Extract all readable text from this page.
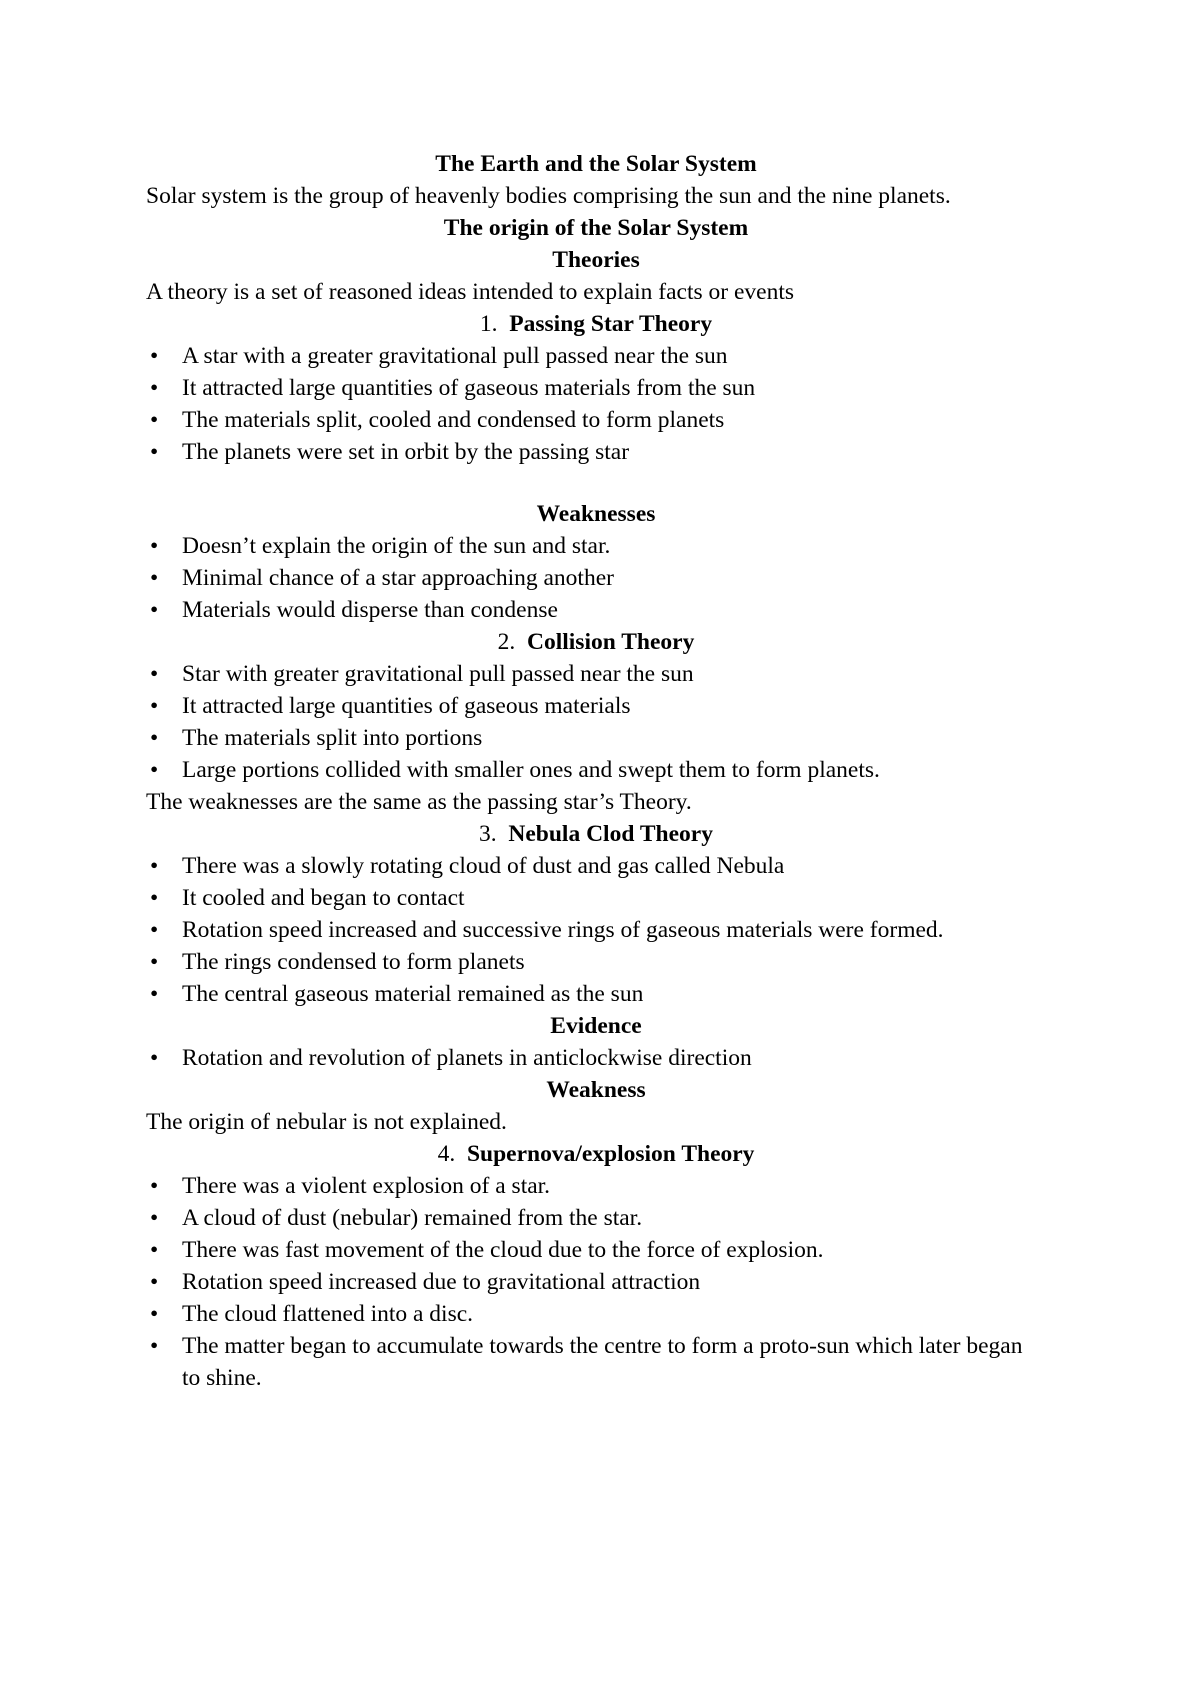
The Earth and the Solar System

Solar system is the group of heavenly bodies comprising the sun and the nine planets.

The origin of the Solar System
Theories

A theory is a set of reasoned ideas intended to explain facts or events

1. Passing Star Theory
• A star with a greater gravitational pull passed near the sun
• It attracted large quantities of gaseous materials from the sun
• The materials split, cooled and condensed to form planets
• The planets were set in orbit by the passing star
Weaknesses
• Doesn’t explain the origin of the sun and star.
• Minimal chance of a star approaching another
• Materials would disperse than condense
2. Collision Theory
• Star with greater gravitational pull passed near the sun
• It attracted large quantities of gaseous materials
• The materials split into portions
• Large portions collided with smaller ones and swept them to form planets.

The weaknesses are the same as the passing star’s Theory.

3. Nebula Clod Theory
• There was a slowly rotating cloud of dust and gas called Nebula
• It cooled and began to contact
• Rotation speed increased and successive rings of gaseous materials were formed.
• The rings condensed to form planets
• The central gaseous material remained as the sun
Evidence
• Rotation and revolution of planets in anticlockwise direction
Weakness

The origin of nebular is not explained.

4. Supernova/explosion Theory
• There was a violent explosion of a star.
• A cloud of dust (nebular) remained from the star.
• There was fast movement of the cloud due to the force of explosion.
• Rotation speed increased due to gravitational attraction
• The cloud flattened into a disc.
• The matter began to accumulate towards the centre to form a proto-sun which later began to shine.
